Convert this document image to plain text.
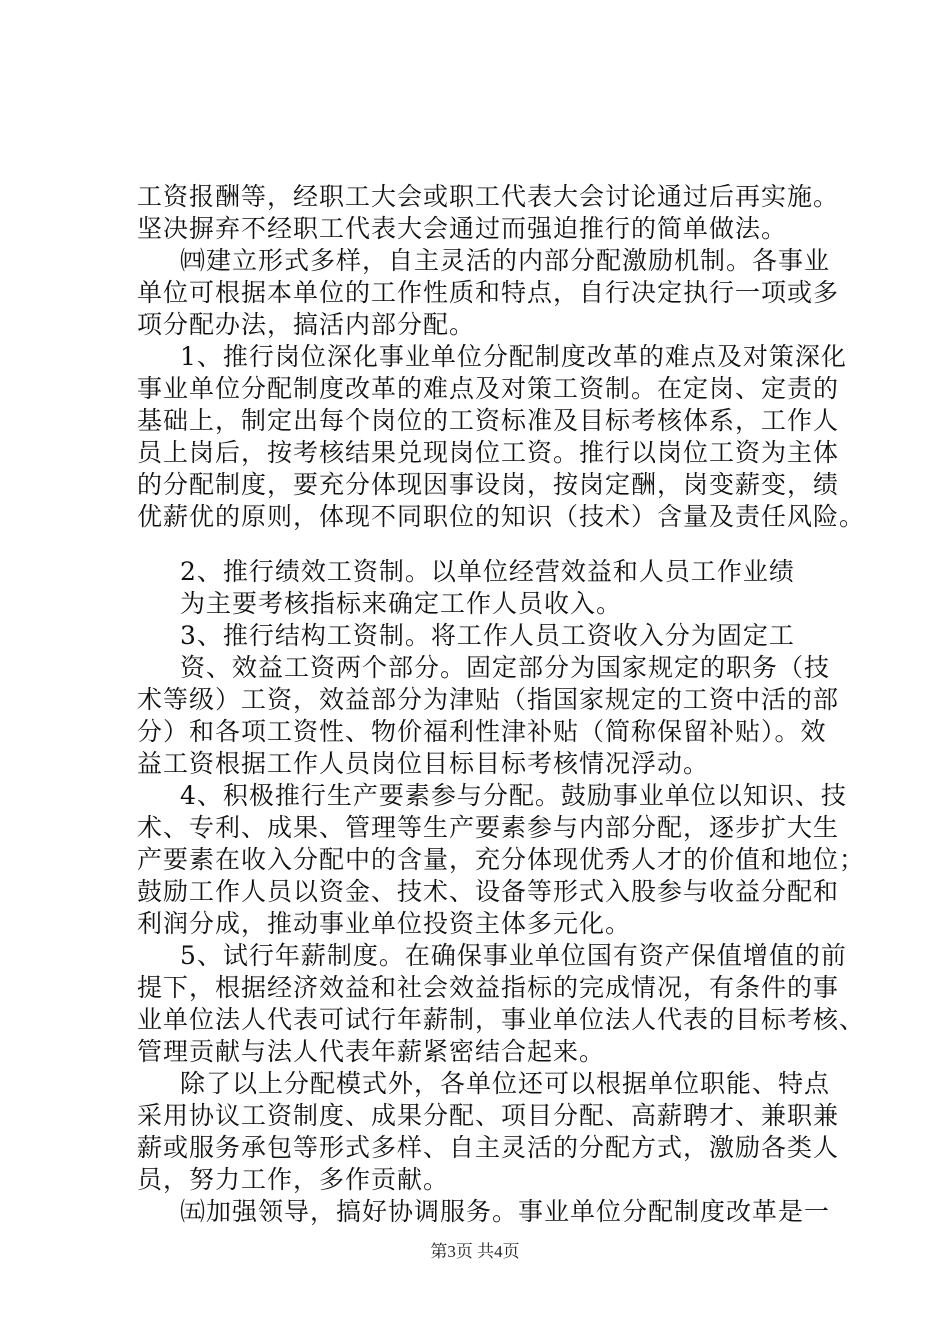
工资报酬等，经职工大会或职工代表大会讨论通过后再实施。
坚决摒弃不经职工代表大会通过而强迫推行的简单做法。
㈣建立形式多样，自主灵活的内部分配激励机制。各事业
单位可根据本单位的工作性质和特点，自行决定执行一项或多
项分配办法，搞活内部分配。
1、推行岗位深化事业单位分配制度改革的难点及对策深化
事业单位分配制度改革的难点及对策工资制。在定岗、定责的
基础上，制定出每个岗位的工资标准及目标考核体系，工作人
员上岗后，按考核结果兑现岗位工资。推行以岗位工资为主体
的分配制度，要充分体现因事设岗，按岗定酬，岗变薪变，绩
优薪优的原则，体现不同职位的知识（技术）含量及责任风险。
2、推行绩效工资制。以单位经营效益和人员工作业绩
为主要考核指标来确定工作人员收入。
3、推行结构工资制。将工作人员工资收入分为固定工
资、效益工资两个部分。固定部分为国家规定的职务（技
术等级）工资，效益部分为津贴（指国家规定的工资中活的部
分）和各项工资性、物价福利性津补贴（简称保留补贴）。效
益工资根据工作人员岗位目标目标考核情况浮动。
4、积极推行生产要素参与分配。鼓励事业单位以知识、技
术、专利、成果、管理等生产要素参与内部分配，逐步扩大生
产要素在收入分配中的含量，充分体现优秀人才的价值和地位；
鼓励工作人员以资金、技术、设备等形式入股参与收益分配和
利润分成，推动事业单位投资主体多元化。
5、试行年薪制度。在确保事业单位国有资产保值增值的前
提下，根据经济效益和社会效益指标的完成情况，有条件的事
业单位法人代表可试行年薪制，事业单位法人代表的目标考核、
管理贡献与法人代表年薪紧密结合起来。
除了以上分配模式外，各单位还可以根据单位职能、特点
采用协议工资制度、成果分配、项目分配、高薪聘才、兼职兼
薪或服务承包等形式多样、自主灵活的分配方式，激励各类人
员，努力工作，多作贡献。
㈤加强领导，搞好协调服务。事业单位分配制度改革是一
第3页 共4页
